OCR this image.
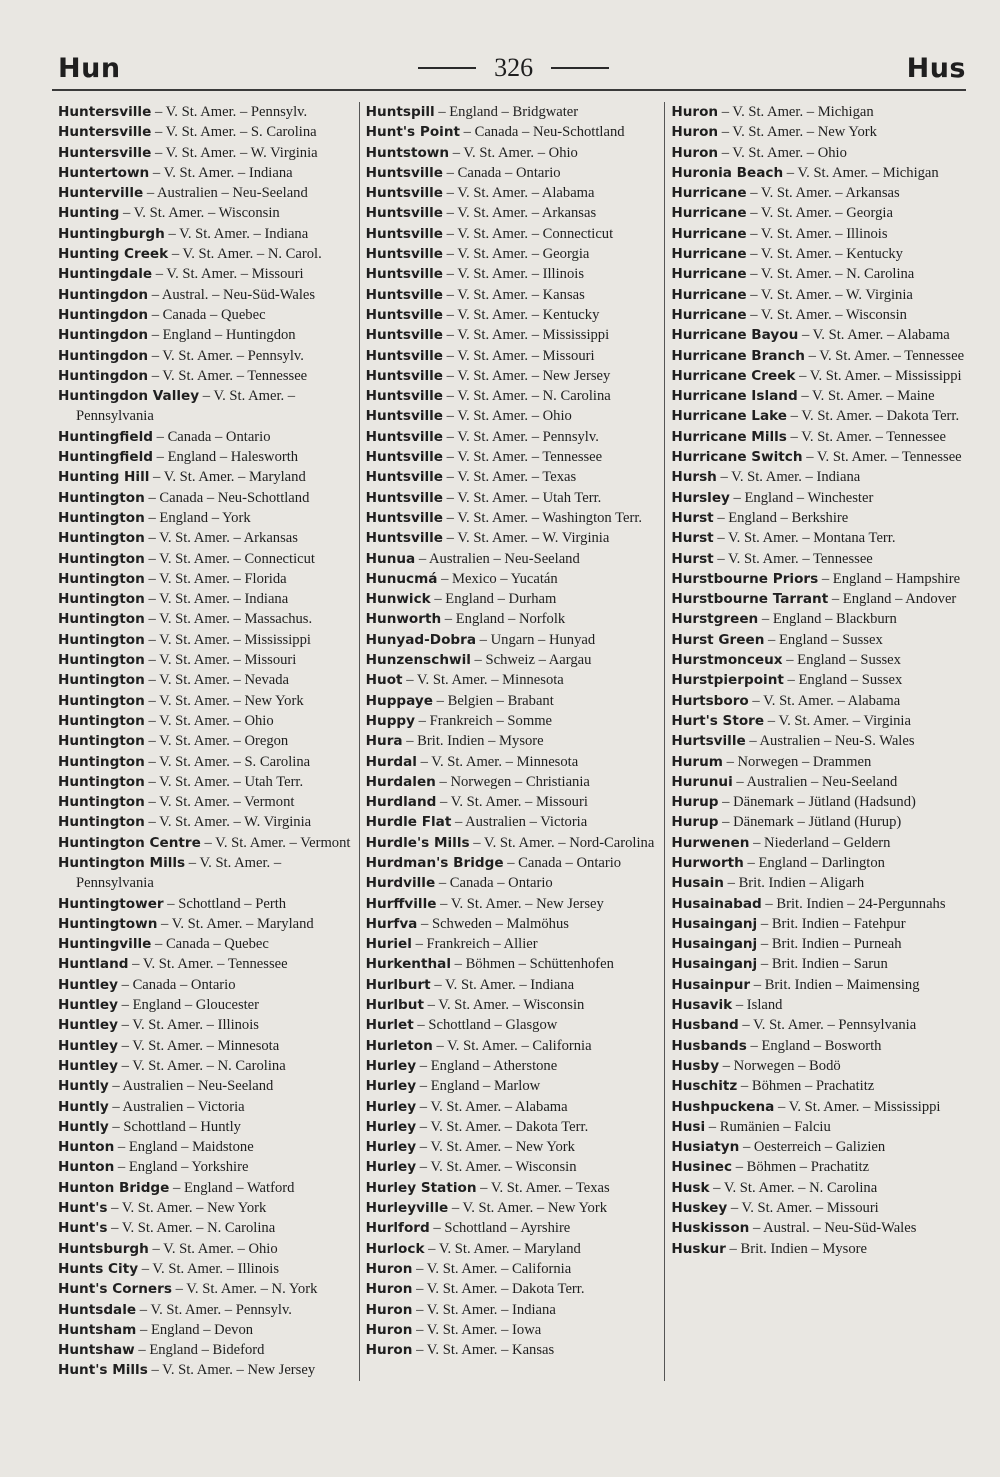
Hun	326	Hus
Huntersville – V. St. Amer. – Pennsylv.
Huntersville – V. St. Amer. – S. Carolina
Huntersville – V. St. Amer. – W. Virginia
Huntertown – V. St. Amer. – Indiana
Hunterville – Australien – Neu-Seeland
Hunting – V. St. Amer. – Wisconsin
Huntingburgh – V. St. Amer. – Indiana
Hunting Creek – V. St. Amer. – N. Carol.
Huntingdale – V. St. Amer. – Missouri
Huntingdon – Austral. – Neu-Süd-Wales
Huntingdon – Canada – Quebec
Huntingdon – England – Huntingdon
Huntingdon – V. St. Amer. – Pennsylv.
Huntingdon – V. St. Amer. – Tennessee
Huntingdon Valley – V. St. Amer. – Pennsylvania
Huntingfield – Canada – Ontario
Huntingfield – England – Halesworth
Hunting Hill – V. St. Amer. – Maryland
Huntington – Canada – Neu-Schottland
Huntington – England – York
Huntington – V. St. Amer. – Arkansas
Huntington – V. St. Amer. – Connecticut
Huntington – V. St. Amer. – Florida
Huntington – V. St. Amer. – Indiana
Huntington – V. St. Amer. – Massachus.
Huntington – V. St. Amer. – Mississippi
Huntington – V. St. Amer. – Missouri
Huntington – V. St. Amer. – Nevada
Huntington – V. St. Amer. – New York
Huntington – V. St. Amer. – Ohio
Huntington – V. St. Amer. – Oregon
Huntington – V. St. Amer. – S. Carolina
Huntington – V. St. Amer. – Utah Terr.
Huntington – V. St. Amer. – Vermont
Huntington – V. St. Amer. – W. Virginia
Huntington Centre – V. St. Amer. – Vermont
Huntington Mills – V. St. Amer. – Pennsylvania
Huntingtower – Schottland – Perth
Huntingtown – V. St. Amer. – Maryland
Huntingville – Canada – Quebec
Huntland – V. St. Amer. – Tennessee
Huntley – Canada – Ontario
Huntley – England – Gloucester
Huntley – V. St. Amer. – Illinois
Huntley – V. St. Amer. – Minnesota
Huntley – V. St. Amer. – N. Carolina
Huntly – Australien – Neu-Seeland
Huntly – Australien – Victoria
Huntly – Schottland – Huntly
Hunton – England – Maidstone
Hunton – England – Yorkshire
Hunton Bridge – England – Watford
Hunt's – V. St. Amer. – New York
Hunt's – V. St. Amer. – N. Carolina
Huntsburgh – V. St. Amer. – Ohio
Hunts City – V. St. Amer. – Illinois
Hunt's Corners – V. St. Amer. – N. York
Huntsdale – V. St. Amer. – Pennsylv.
Huntsham – England – Devon
Huntshaw – England – Bideford
Hunt's Mills – V. St. Amer. – New Jersey
Huntspill – England – Bridgwater
Hunt's Point – Canada – Neu-Schottland
Huntstown – V. St. Amer. – Ohio
Huntsville – Canada – Ontario
Huntsville – V. St. Amer. – Alabama
Huntsville – V. St. Amer. – Arkansas
Huntsville – V. St. Amer. – Connecticut
Huntsville – V. St. Amer. – Georgia
Huntsville – V. St. Amer. – Illinois
Huntsville – V. St. Amer. – Kansas
Huntsville – V. St. Amer. – Kentucky
Huntsville – V. St. Amer. – Mississippi
Huntsville – V. St. Amer. – Missouri
Huntsville – V. St. Amer. – New Jersey
Huntsville – V. St. Amer. – N. Carolina
Huntsville – V. St. Amer. – Ohio
Huntsville – V. St. Amer. – Pennsylv.
Huntsville – V. St. Amer. – Tennessee
Huntsville – V. St. Amer. – Texas
Huntsville – V. St. Amer. – Utah Terr.
Huntsville – V. St. Amer. – Washington Terr.
Huntsville – V. St. Amer. – W. Virginia
Hunua – Australien – Neu-Seeland
Hunucmá – Mexico – Yucatán
Hunwick – England – Durham
Hunworth – England – Norfolk
Hunyad-Dobra – Ungarn – Hunyad
Hunzenschwil – Schweiz – Aargau
Huot – V. St. Amer. – Minnesota
Huppaye – Belgien – Brabant
Huppy – Frankreich – Somme
Hura – Brit. Indien – Mysore
Hurdal – V. St. Amer. – Minnesota
Hurdalen – Norwegen – Christiania
Hurdland – V. St. Amer. – Missouri
Hurdle Flat – Australien – Victoria
Hurdle's Mills – V. St. Amer. – Nord-Carolina
Hurdman's Bridge – Canada – Ontario
Hurdville – Canada – Ontario
Hurffville – V. St. Amer. – New Jersey
Hurfva – Schweden – Malmöhus
Huriel – Frankreich – Allier
Hurkenthal – Böhmen – Schüttenhofen
Hurlburt – V. St. Amer. – Indiana
Hurlbut – V. St. Amer. – Wisconsin
Hurlet – Schottland – Glasgow
Hurleton – V. St. Amer. – California
Hurley – England – Atherstone
Hurley – England – Marlow
Hurley – V. St. Amer. – Alabama
Hurley – V. St. Amer. – Dakota Terr.
Hurley – V. St. Amer. – New York
Hurley – V. St. Amer. – Wisconsin
Hurley Station – V. St. Amer. – Texas
Hurleyville – V. St. Amer. – New York
Hurlford – Schottland – Ayrshire
Hurlock – V. St. Amer. – Maryland
Huron – V. St. Amer. – California
Huron – V. St. Amer. – Dakota Terr.
Huron – V. St. Amer. – Indiana
Huron – V. St. Amer. – Iowa
Huron – V. St. Amer. – Kansas
Huron – V. St. Amer. – Michigan
Huron – V. St. Amer. – New York
Huron – V. St. Amer. – Ohio
Huronia Beach – V. St. Amer. – Michigan
Hurricane – V. St. Amer. – Arkansas
Hurricane – V. St. Amer. – Georgia
Hurricane – V. St. Amer. – Illinois
Hurricane – V. St. Amer. – Kentucky
Hurricane – V. St. Amer. – N. Carolina
Hurricane – V. St. Amer. – W. Virginia
Hurricane – V. St. Amer. – Wisconsin
Hurricane Bayou – V. St. Amer. – Alabama
Hurricane Branch – V. St. Amer. – Tennessee
Hurricane Creek – V. St. Amer. – Mississippi
Hurricane Island – V. St. Amer. – Maine
Hurricane Lake – V. St. Amer. – Dakota Terr.
Hurricane Mills – V. St. Amer. – Tennessee
Hurricane Switch – V. St. Amer. – Tennessee
Hursh – V. St. Amer. – Indiana
Hursley – England – Winchester
Hurst – England – Berkshire
Hurst – V. St. Amer. – Montana Terr.
Hurst – V. St. Amer. – Tennessee
Hurstbourne Priors – England – Hampshire
Hurstbourne Tarrant – England – Andover
Hurstgreen – England – Blackburn
Hurst Green – England – Sussex
Hurstmonceux – England – Sussex
Hurstpierpoint – England – Sussex
Hurtsboro – V. St. Amer. – Alabama
Hurt's Store – V. St. Amer. – Virginia
Hurtsville – Australien – Neu-S. Wales
Hurum – Norwegen – Drammen
Hurunui – Australien – Neu-Seeland
Hurup – Dänemark – Jütland (Hadsund)
Hurup – Dänemark – Jütland (Hurup)
Hurwenen – Niederland – Geldern
Hurworth – England – Darlington
Husain – Brit. Indien – Aligarh
Husainabad – Brit. Indien – 24-Pergunnahs
Husainganj – Brit. Indien – Fatehpur
Husainganj – Brit. Indien – Purneah
Husainganj – Brit. Indien – Sarun
Husainpur – Brit. Indien – Maimensing
Husavik – Island
Husband – V. St. Amer. – Pennsylvania
Husbands – England – Bosworth
Husby – Norwegen – Bodö
Huschitz – Böhmen – Prachatitz
Hushpuckena – V. St. Amer. – Mississippi
Husi – Rumänien – Falciu
Husiatyn – Oesterreich – Galizien
Husinec – Böhmen – Prachatitz
Husk – V. St. Amer. – N. Carolina
Huskey – V. St. Amer. – Missouri
Huskisson – Austral. – Neu-Süd-Wales
Huskur – Brit. Indien – Mysore
